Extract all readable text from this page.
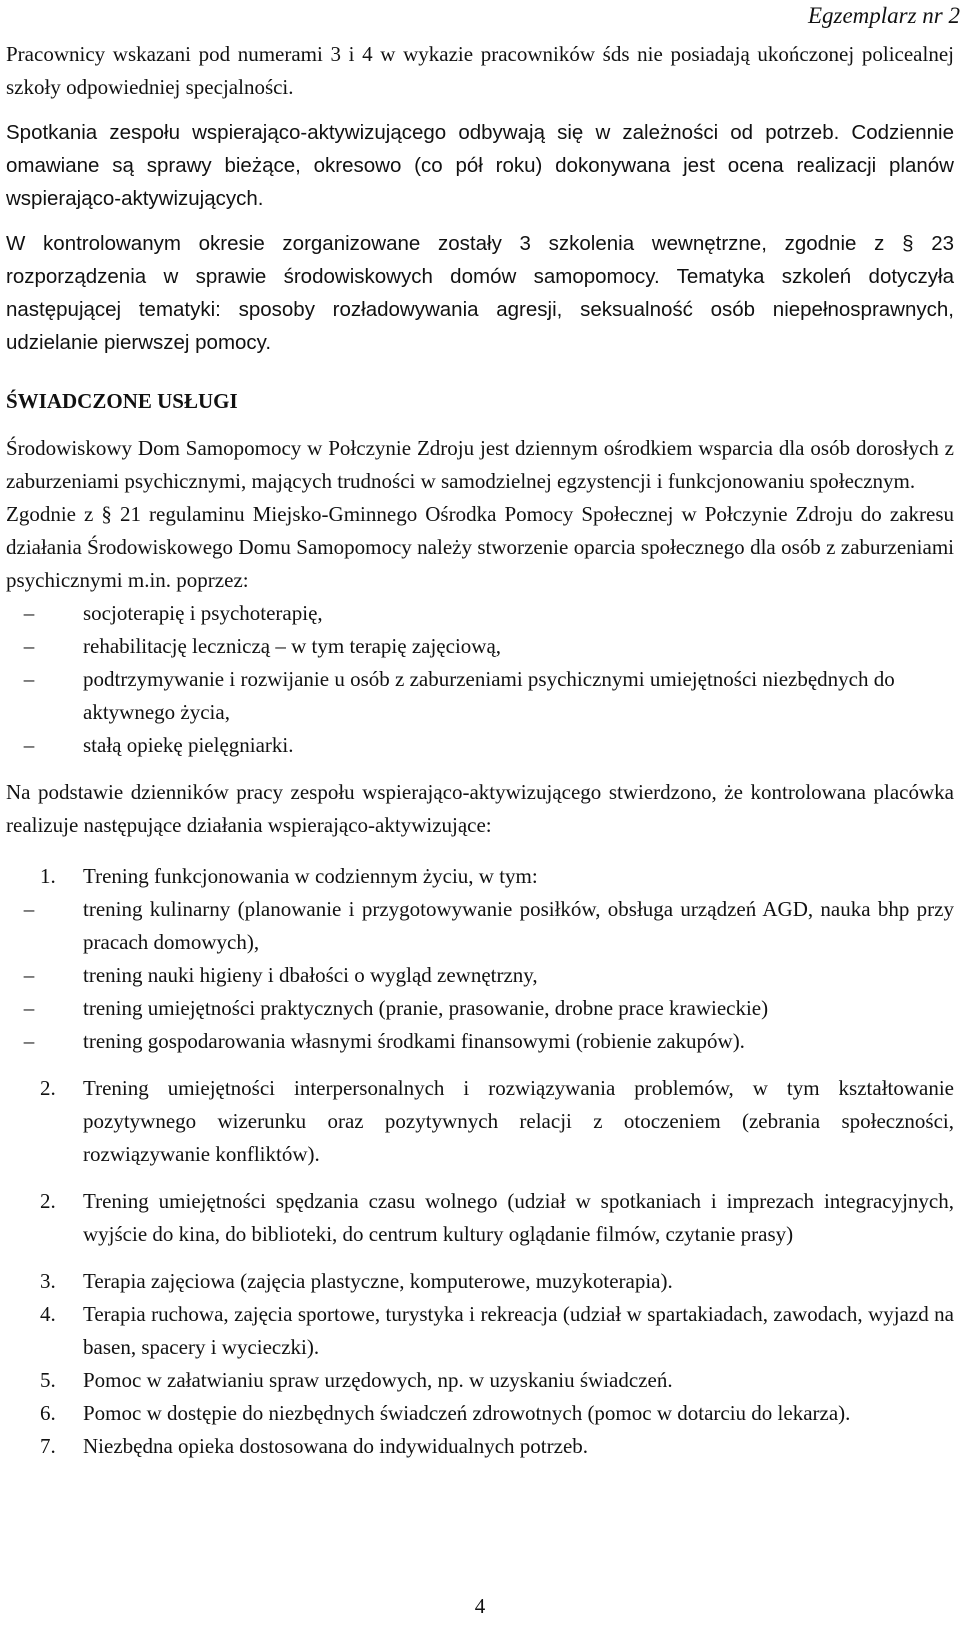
Egzemplarz nr 2

Pracownicy wskazani pod numerami 3 i 4 w wykazie pracowników śds nie posiadają ukończonej policealnej szkoły odpowiedniej specjalności.

Spotkania zespołu wspierająco-aktywizującego odbywają się w zależności od potrzeb. Codziennie omawiane są sprawy bieżące, okresowo (co pół roku) dokonywana jest ocena realizacji planów wspierająco-aktywizujących.

W kontrolowanym okresie zorganizowane zostały 3 szkolenia wewnętrzne, zgodnie z § 23 rozporządzenia w sprawie środowiskowych domów samopomocy. Tematyka szkoleń dotyczyła następującej tematyki: sposoby rozładowywania agresji, seksualność osób niepełnosprawnych, udzielanie pierwszej pomocy.

ŚWIADCZONE USŁUGI

Środowiskowy Dom Samopomocy w Połczynie Zdroju jest dziennym ośrodkiem wsparcia dla osób dorosłych z zaburzeniami psychicznymi, mających trudności w samodzielnej egzystencji i funkcjonowaniu społecznym.

Zgodnie z § 21 regulaminu Miejsko-Gminnego Ośrodka Pomocy Społecznej w Połczynie Zdroju do zakresu działania Środowiskowego Domu Samopomocy należy stworzenie oparcia społecznego dla osób z zaburzeniami psychicznymi m.in. poprzez:

–	socjoterapię i psychoterapię,
–	rehabilitację leczniczą – w tym terapię zajęciową,
–	podtrzymywanie i rozwijanie u osób z zaburzeniami psychicznymi umiejętności niezbędnych do aktywnego życia,
–	stałą opiekę pielęgniarki.

Na podstawie dzienników pracy zespołu wspierająco-aktywizującego stwierdzono, że kontrolowana placówka realizuje następujące działania wspierająco-aktywizujące:

1. Trening funkcjonowania w codziennym życiu, w tym:
–	trening kulinarny (planowanie i przygotowywanie posiłków, obsługa urządzeń AGD, nauka bhp przy pracach domowych),
–	trening nauki higieny i dbałości o wygląd zewnętrzny,
–	trening umiejętności praktycznych (pranie, prasowanie, drobne prace krawieckie)
–	trening gospodarowania własnymi środkami finansowymi (robienie zakupów).
2. Trening umiejętności interpersonalnych i rozwiązywania problemów, w tym kształtowanie pozytywnego wizerunku oraz pozytywnych relacji z otoczeniem (zebrania społeczności, rozwiązywanie konfliktów).
2. Trening umiejętności spędzania czasu wolnego (udział w spotkaniach i imprezach integracyjnych, wyjście do kina, do biblioteki, do centrum kultury oglądanie filmów, czytanie prasy)
3. Terapia zajęciowa (zajęcia plastyczne, komputerowe, muzykoterapia).
4. Terapia ruchowa, zajęcia sportowe, turystyka i rekreacja (udział w spartakiadach, zawodach, wyjazd na basen, spacery i wycieczki).
5. Pomoc w załatwianiu spraw urzędowych, np. w uzyskaniu świadczeń.
6. Pomoc w dostępie do niezbędnych świadczeń zdrowotnych (pomoc w dotarciu do lekarza).
7. Niezbędna opieka dostosowana do indywidualnych potrzeb.
4
